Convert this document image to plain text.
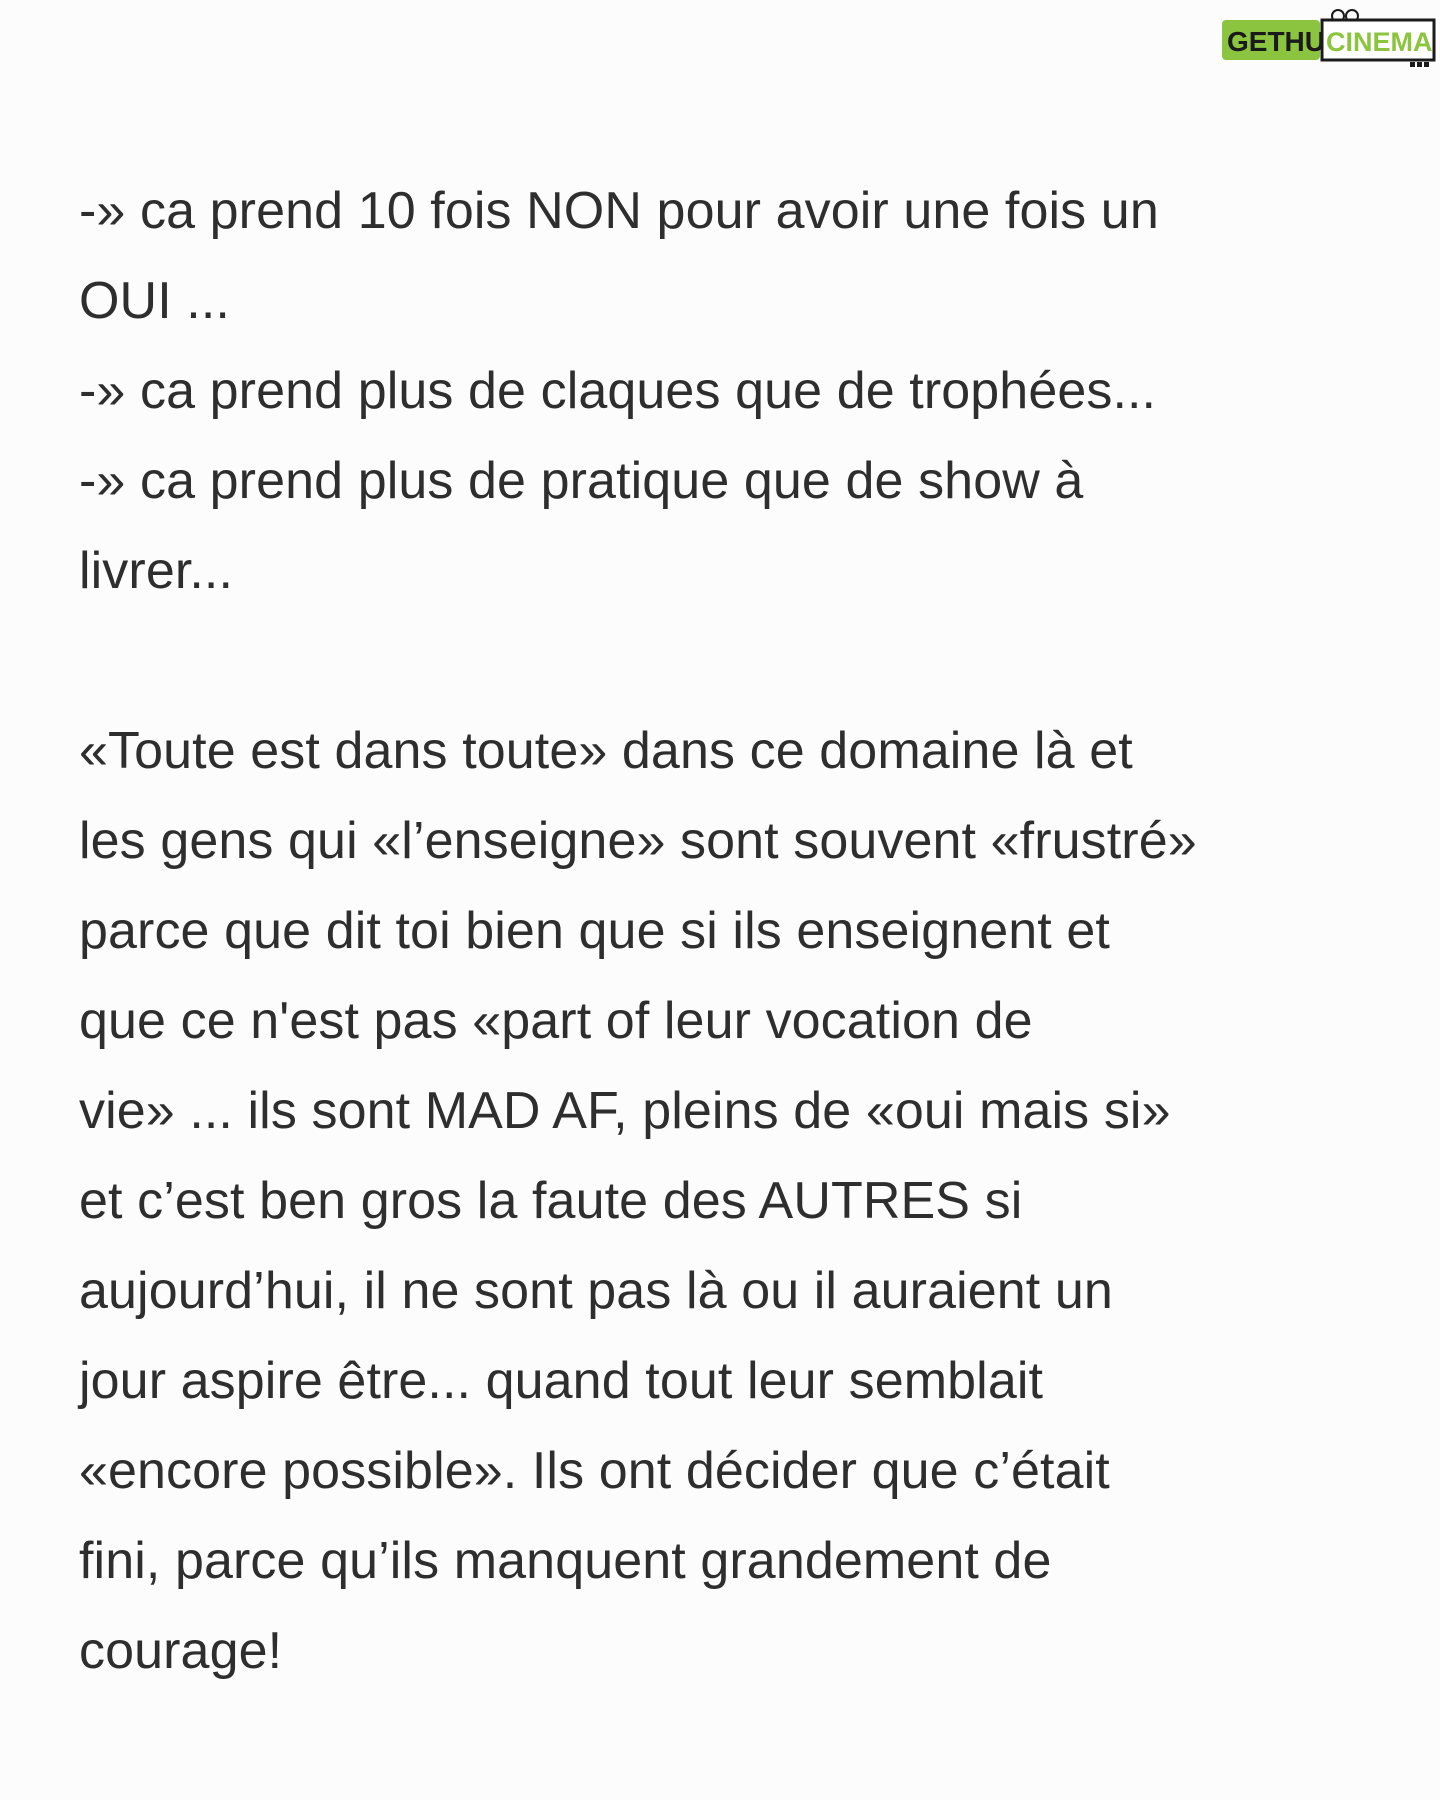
GETHU CINEMA
-» ca prend 10 fois NON pour avoir une fois un
OUI ...
-» ca prend plus de claques que de trophées...
-» ca prend plus de pratique que de show à
livrer...
«Toute est dans toute» dans ce domaine là et
les gens qui «l’enseigne» sont souvent «frustré»
parce que dit toi bien que si ils enseignent et
que ce n'est pas «part of leur vocation de
vie» ... ils sont MAD AF, pleins de «oui mais si»
et c’est ben gros la faute des AUTRES si
aujourd’hui, il ne sont pas là ou il auraient un
jour aspire être... quand tout leur semblait
«encore possible». Ils ont décider que c’était
fini, parce qu’ils manquent grandement de
courage!
